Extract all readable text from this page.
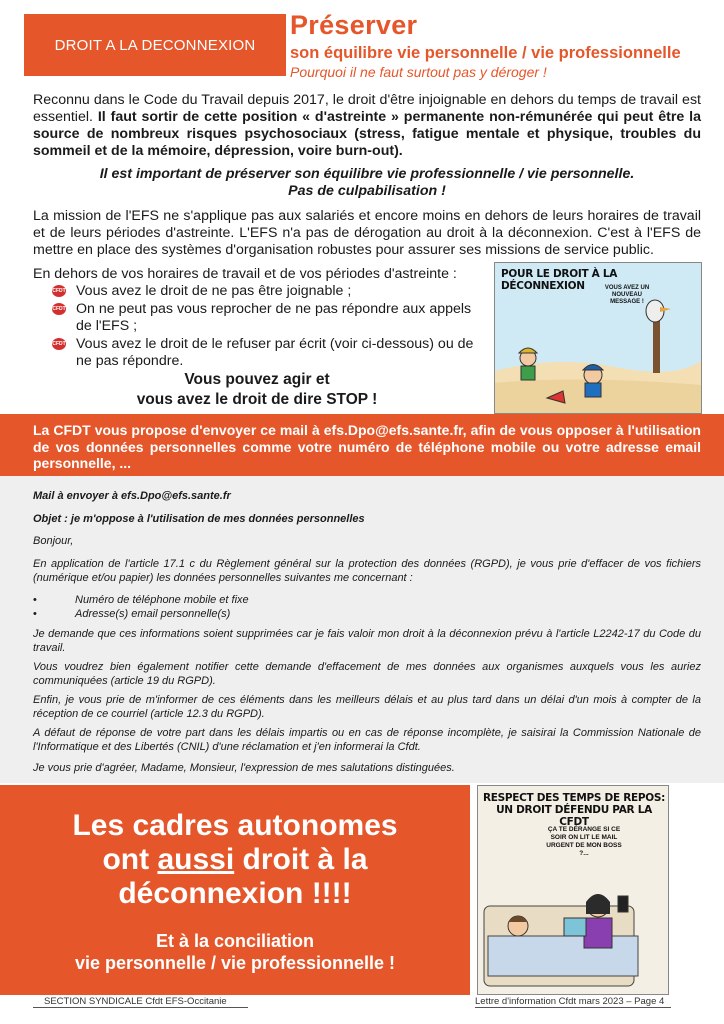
DROIT A LA DECONNEXION
Préserver
son équilibre vie personnelle / vie professionnelle
Pourquoi il ne faut surtout pas y déroger !

Reconnu dans le Code du Travail depuis 2017, le droit d'être injoignable en dehors du temps de travail est essentiel. Il faut sortir de cette position « d'astreinte » permanente non-rémunérée qui peut être la source de nombreux risques psychosociaux (stress, fatigue mentale et physique, troubles du sommeil et de la mémoire, dépression, voire burn-out).

Il est important de préserver son équilibre vie professionnelle / vie personnelle.
Pas de culpabilisation !

La mission de l'EFS ne s'applique pas aux salariés et encore moins en dehors de leurs horaires de travail et de leurs périodes d'astreinte. L'EFS n'a pas de dérogation au droit à la déconnexion. C'est à l'EFS de mettre en place des systèmes d'organisation robustes pour assurer ses missions de service public.

En dehors de vos horaires de travail et de vos périodes d'astreinte :

CFDT Vous avez le droit de ne pas être joignable ;
CFDT On ne peut pas vous reprocher de ne pas répondre aux appels de l'EFS ;
CFDT Vous avez le droit de le refuser par écrit (voir ci-dessous) ou de ne pas répondre.
Vous pouvez agir et
vous avez le droit de dire STOP !
POUR LE DROIT À LA DÉCONNEXION	VOUS AVEZ UN NOUVEAU MESSAGE !

La CFDT vous propose d'envoyer ce mail à efs.Dpo@efs.sante.fr, afin de vous opposer à l'utilisation de vos données personnelles comme votre numéro de téléphone mobile ou votre adresse email personnelle, ...

Mail à envoyer à efs.Dpo@efs.sante.fr

Objet : je m'oppose à l'utilisation de mes données personnelles

Bonjour,

En application de l'article 17.1 c du Règlement général sur la protection des données (RGPD), je vous prie d'effacer de vos fichiers (numérique et/ou papier) les données personnelles suivantes me concernant :

•	Numéro de téléphone mobile et fixe
•	Adresse(s) email personnelle(s)

Je demande que ces informations soient supprimées car je fais valoir mon droit à la déconnexion prévu à l'article L2242-17 du Code du travail.

Vous voudrez bien également notifier cette demande d'effacement de mes données aux organismes auxquels vous les auriez communiquées (article 19 du RGPD).

Enfin, je vous prie de m'informer de ces éléments dans les meilleurs délais et au plus tard dans un délai d'un mois à compter de la réception de ce courriel (article 12.3 du RGPD).

A défaut de réponse de votre part dans les délais impartis ou en cas de réponse incomplète, je saisirai la Commission Nationale de l'Informatique et des Libertés (CNIL) d'une réclamation et j'en informerai la Cfdt.

Je vous prie d'agréer, Madame, Monsieur, l'expression de mes salutations distinguées.

Les cadres autonomes
ont aussi droit à la
déconnexion !!!!

Et à la conciliation
vie personnelle / vie professionnelle !

RESPECT DES TEMPS DE REPOS:
UN DROIT DÉFENDU PAR LA CFDT
ÇA TE DÉRANGE SI CE SOIR ON LIT LE MAIL URGENT DE MON BOSS ?...
SECTION SYNDICALE Cfdt EFS-Occitanie	Lettre d'information Cfdt mars 2023 – Page 4
